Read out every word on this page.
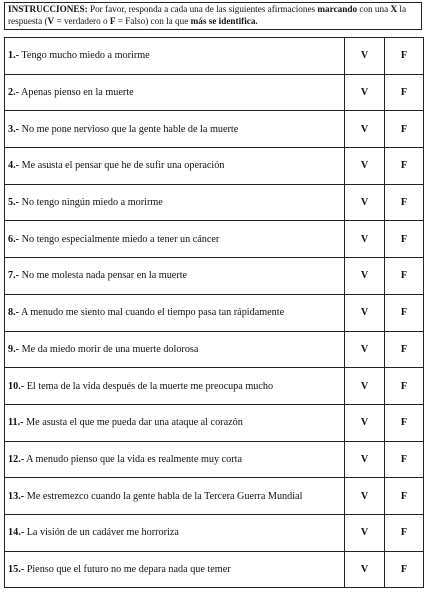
INSTRUCCIONES: Por favor, responda a cada una de las siguientes afirmaciones marcando con una X la respuesta (V = verdadero o F = Falso) con la que más se identifica.
1.- Tengo mucho miedo a morirme	V	F
2.- Apenas pienso en la muerte	V	F
3.- No me pone nervioso que la gente hable de la muerte	V	F
4.- Me asusta el pensar que he de sufir una operación	V	F
5.- No tengo ningún miedo a morirme	V	F
6.- No tengo especialmente miedo a tener un cáncer	V	F
7.- No me molesta nada pensar en la muerte	V	F
8.- A menudo me siento mal cuando el tiempo pasa tan rápidamente	V	F
9.- Me da miedo morir de una muerte dolorosa	V	F
10.- El tema de la vida después de la muerte me preocupa mucho	V	F
11.- Me asusta el que me pueda dar una ataque al corazón	V	F
12.- A menudo pienso que la vida es realmente muy corta	V	F
13.- Me estremezco cuando la gente habla de la Tercera Guerra Mundial	V	F
14.- La visión de un cadáver me horroriza	V	F
15.- Pienso que el futuro no me depara nada que temer	V	F
